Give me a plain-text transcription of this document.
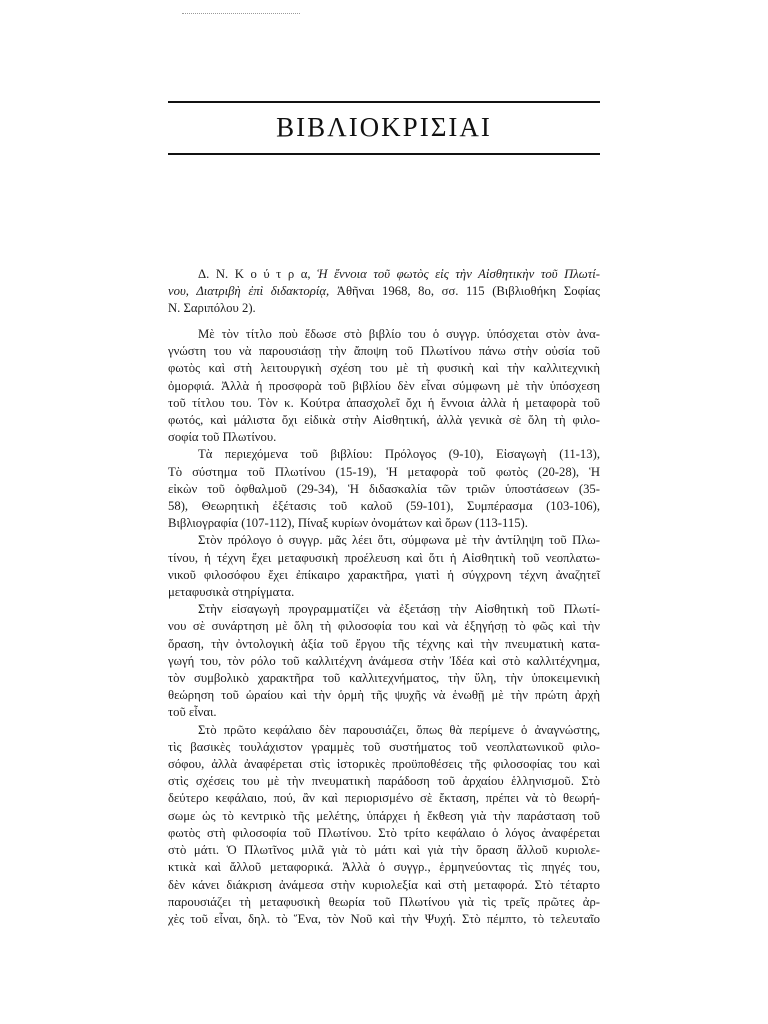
ΒΙΒΛΙΟΚΡΙΣΙΑΙ
Δ. Ν. Κ ο ύ τ ρ α, Ἡ ἔννοια τοῦ φωτὸς εἰς τὴν Αἰσθητικὴν τοῦ Πλωτί-
νου, Διατριβὴ ἐπὶ διδακτορίᾳ, Ἀθῆναι 1968, 8ο, σσ. 115 (Βιβλιοθήκη Σοφίας
Ν. Σαριπόλου 2).
Μὲ τὸν τίτλο ποὺ ἔδωσε στὸ βιβλίο του ὁ συγγρ. ὑπόσχεται στὸν ἀνα-
γνώστη του νὰ παρουσιάσῃ τὴν ἄποψη τοῦ Πλωτίνου πάνω στὴν οὐσία τοῦ
φωτὸς καὶ στὴ λειτουργικὴ σχέση του μὲ τὴ φυσικὴ καὶ τὴν καλλιτεχνικὴ
ὀμορφιά. Ἀλλὰ ἡ προσφορὰ τοῦ βιβλίου δὲν εἶναι σύμφωνη μὲ τὴν ὑπόσχεση
τοῦ τίτλου του. Τὸν κ. Κούτρα ἀπασχολεῖ ὄχι ἡ ἔννοια ἀλλὰ ἡ μεταφορὰ τοῦ
φωτός, καὶ μάλιστα ὄχι εἰδικὰ στὴν Αἰσθητική, ἀλλὰ γενικὰ σὲ ὅλη τὴ φιλο-
σοφία τοῦ Πλωτίνου.
Τὰ περιεχόμενα τοῦ βιβλίου: Πρόλογος (9-10), Εἰσαγωγὴ (11-13),
Τὸ σύστημα τοῦ Πλωτίνου (15-19), Ἡ μεταφορὰ τοῦ φωτὸς (20-28), Ἡ
εἰκὼν τοῦ ὀφθαλμοῦ (29-34), Ἡ διδασκαλία τῶν τριῶν ὑποστάσεων (35-
58), Θεωρητικὴ ἐξέτασις τοῦ καλοῦ (59-101), Συμπέρασμα (103-106),
Βιβλιογραφία (107-112), Πίναξ κυρίων ὀνομάτων καὶ ὅρων (113-115).
Στὸν πρόλογο ὁ συγγρ. μᾶς λέει ὅτι, σύμφωνα μὲ τὴν ἀντίληψη τοῦ Πλω-
τίνου, ἡ τέχνη ἔχει μεταφυσικὴ προέλευση καὶ ὅτι ἡ Αἰσθητικὴ τοῦ νεοπλατω-
νικοῦ φιλοσόφου ἔχει ἐπίκαιρο χαρακτῆρα, γιατὶ ἡ σύγχρονη τέχνη ἀναζητεῖ
μεταφυσικὰ στηρίγματα.
Στὴν εἰσαγωγὴ προγραμματίζει νὰ ἐξετάσῃ τὴν Αἰσθητικὴ τοῦ Πλωτί-
νου σὲ συνάρτηση μὲ ὅλη τὴ φιλοσοφία του καὶ νὰ ἐξηγήσῃ τὸ φῶς καὶ τὴν
ὅραση, τὴν ὀντολογικὴ ἀξία τοῦ ἔργου τῆς τέχνης καὶ τὴν πνευματικὴ κατα-
γωγή του, τὸν ρόλο τοῦ καλλιτέχνη ἀνάμεσα στὴν Ἰδέα καὶ στὸ καλλιτέχνημα,
τὸν συμβολικὸ χαρακτῆρα τοῦ καλλιτεχνήματος, τὴν ὕλη, τὴν ὑποκειμενικὴ
θεώρηση τοῦ ὡραίου καὶ τὴν ὁρμὴ τῆς ψυχῆς νὰ ἑνωθῇ μὲ τὴν πρώτη ἀρχὴ
τοῦ εἶναι.
Στὸ πρῶτο κεφάλαιο δὲν παρουσιάζει, ὅπως θὰ περίμενε ὁ ἀναγνώστης,
τὶς βασικὲς τουλάχιστον γραμμὲς τοῦ συστήματος τοῦ νεοπλατωνικοῦ φιλο-
σόφου, ἀλλὰ ἀναφέρεται στὶς ἱστορικὲς προϋποθέσεις τῆς φιλοσοφίας του καὶ
στὶς σχέσεις του μὲ τὴν πνευματικὴ παράδοση τοῦ ἀρχαίου ἑλληνισμοῦ. Στὸ
δεύτερο κεφάλαιο, πού, ἂν καὶ περιορισμένο σὲ ἔκταση, πρέπει νὰ τὸ θεωρή-
σωμε ὡς τὸ κεντρικὸ τῆς μελέτης, ὑπάρχει ἡ ἔκθεση γιὰ τὴν παράσταση τοῦ
φωτὸς στὴ φιλοσοφία τοῦ Πλωτίνου. Στὸ τρίτο κεφάλαιο ὁ λόγος ἀναφέρεται
στὸ μάτι. Ὁ Πλωτῖνος μιλᾶ γιὰ τὸ μάτι καὶ γιὰ τὴν ὅραση ἄλλοῦ κυριολε-
κτικὰ καὶ ἄλλοῦ μεταφορικά. Ἀλλὰ ὁ συγγρ., ἑρμηνεύοντας τὶς πηγές του,
δὲν κάνει διάκριση ἀνάμεσα στὴν κυριολεξία καὶ στὴ μεταφορά. Στὸ τέταρτο
παρουσιάζει τὴ μεταφυσικὴ θεωρία τοῦ Πλωτίνου γιὰ τὶς τρεῖς πρῶτες ἀρ-
χὲς τοῦ εἶναι, δηλ. τὸ Ἕνα, τὸν Νοῦ καὶ τὴν Ψυχή. Στὸ πέμπτο, τὸ τελευταῖο
